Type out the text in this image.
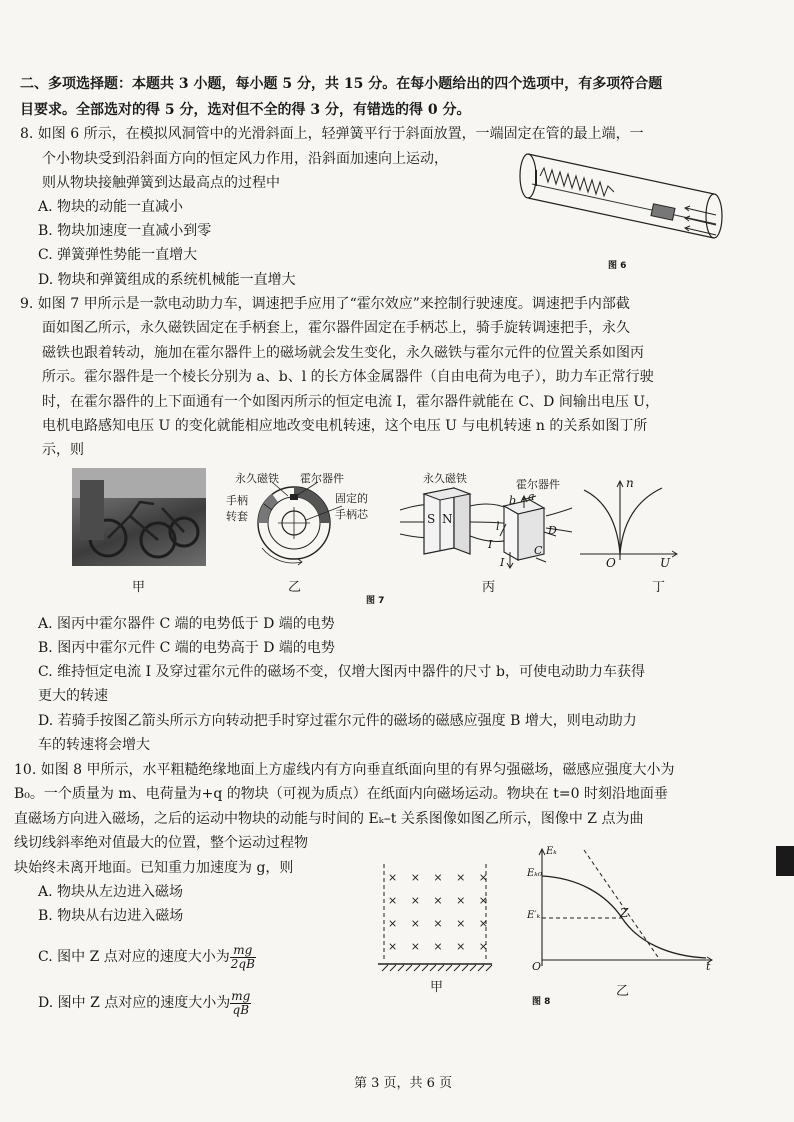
二、多项选择题：本题共 3 小题，每小题 5 分，共 15 分。在每小题给出的四个选项中，有多项符合题
目要求。全部选对的得 5 分，选对但不全的得 3 分，有错选的得 0 分。
8. 如图 6 所示，在模拟风洞管中的光滑斜面上，轻弹簧平行于斜面放置，一端固定在管的最上端，一
个小物块受到沿斜面方向的恒定风力作用，沿斜面加速向上运动，
则从物块接触弹簧到达最高点的过程中
A. 物块的动能一直减小
B. 物块加速度一直减小到零
C. 弹簧弹性势能一直增大
D. 物块和弹簧组成的系统机械能一直增大
图 6
9. 如图 7 甲所示是一款电动助力车，调速把手应用了“霍尔效应”来控制行驶速度。调速把手内部截
面如图乙所示，永久磁铁固定在手柄套上，霍尔器件固定在手柄芯上，骑手旋转调速把手，永久
磁铁也跟着转动，施加在霍尔器件上的磁场就会发生变化，永久磁铁与霍尔元件的位置关系如图丙
所示。霍尔器件是一个棱长分别为 a、b、l 的长方体金属器件（自由电荷为电子），助力车正常行驶
时，在霍尔器件的上下面通有一个如图丙所示的恒定电流 I，霍尔器件就能在 C、D 间输出电压 U，
电机电路感知电压 U 的变化就能相应地改变电机转速，这个电压 U 与电机转速 n 的关系如图丁所
示，则
甲
永久磁铁 霍尔器件
手柄
转套
固定的
手柄芯
乙
永久磁铁	霍尔器件
S N
a
b
l
I
I
C
D
丙
n
O	U
丁
图 7
A. 图丙中霍尔器件 C 端的电势低于 D 端的电势
B. 图丙中霍尔元件 C 端的电势高于 D 端的电势
C. 维持恒定电流 I 及穿过霍尔元件的磁场不变，仅增大图丙中器件的尺寸 b，可使电动助力车获得
更大的转速
D. 若骑手按图乙箭头所示方向转动把手时穿过霍尔元件的磁场的磁感应强度 B 增大，则电动助力
车的转速将会增大
10. 如图 8 甲所示，水平粗糙绝缘地面上方虚线内有方向垂直纸面向里的有界匀强磁场，磁感应强度大小为
B₀。一个质量为 m、电荷量为+q 的物块（可视为质点）在纸面内向磁场运动。物块在 t=0 时刻沿地面垂
直磁场方向进入磁场，之后的运动中物块的动能与时间的 Eₖ–t 关系图像如图乙所示，图像中 Z 点为曲
线切线斜率绝对值最大的位置，整个运动过程物
块始终未离开地面。已知重力加速度为 g，则
A. 物块从左边进入磁场
B. 物块从右边进入磁场
C. 图中 Z 点对应的速度大小为 $\frac{mg}{2qB}$
D. 图中 Z 点对应的速度大小为 $\frac{mg}{qB}$
× × × × ×
× × × × ×
× × × × ×
× × × × ×
甲
Eₖ
Eₖ₀
E′ₖ	Z
O	t
乙
图 8
第 3 页，共 6 页
